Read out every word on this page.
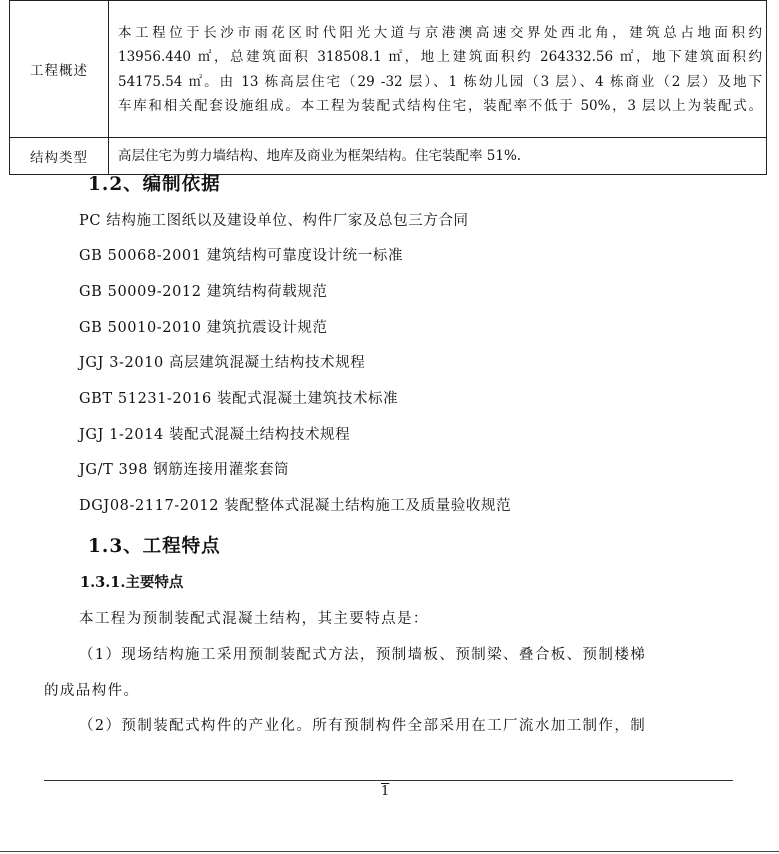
工程概述	本工程位于长沙市雨花区时代阳光大道与京港澳高速交界处西北角，建筑总占地面积约
13956.440 ㎡，总建筑面积 318508.1 ㎡，地上建筑面积约 264332.56 ㎡，地下建筑面积约
54175.54 ㎡。由 13 栋高层住宅（29 -32 层）、1 栋幼儿园（3 层）、4 栋商业（2 层）及地下
车库和相关配套设施组成。本工程为装配式结构住宅，装配率不低于 50%，3 层以上为装配式。

结构类型	高层住宅为剪力墙结构、地库及商业为框架结构。住宅装配率 51%.
1.2、编制依据
PC 结构施工图纸以及建设单位、构件厂家及总包三方合同
GB 50068-2001 建筑结构可靠度设计统一标准
GB 50009-2012 建筑结构荷载规范
GB 50010-2010 建筑抗震设计规范
JGJ 3-2010 高层建筑混凝土结构技术规程
GBT 51231-2016 装配式混凝土建筑技术标准
JGJ 1-2014 装配式混凝土结构技术规程
JG/T 398 钢筋连接用灌浆套筒
DGJ08-2117-2012 装配整体式混凝土结构施工及质量验收规范
1.3、工程特点
1.3.1.主要特点
本工程为预制装配式混凝土结构，其主要特点是：
（1）现场结构施工采用预制装配式方法，预制墙板、预制梁、叠合板、预制楼梯
的成品构件。
（2）预制装配式构件的产业化。所有预制构件全部采用在工厂流水加工制作，制
1
